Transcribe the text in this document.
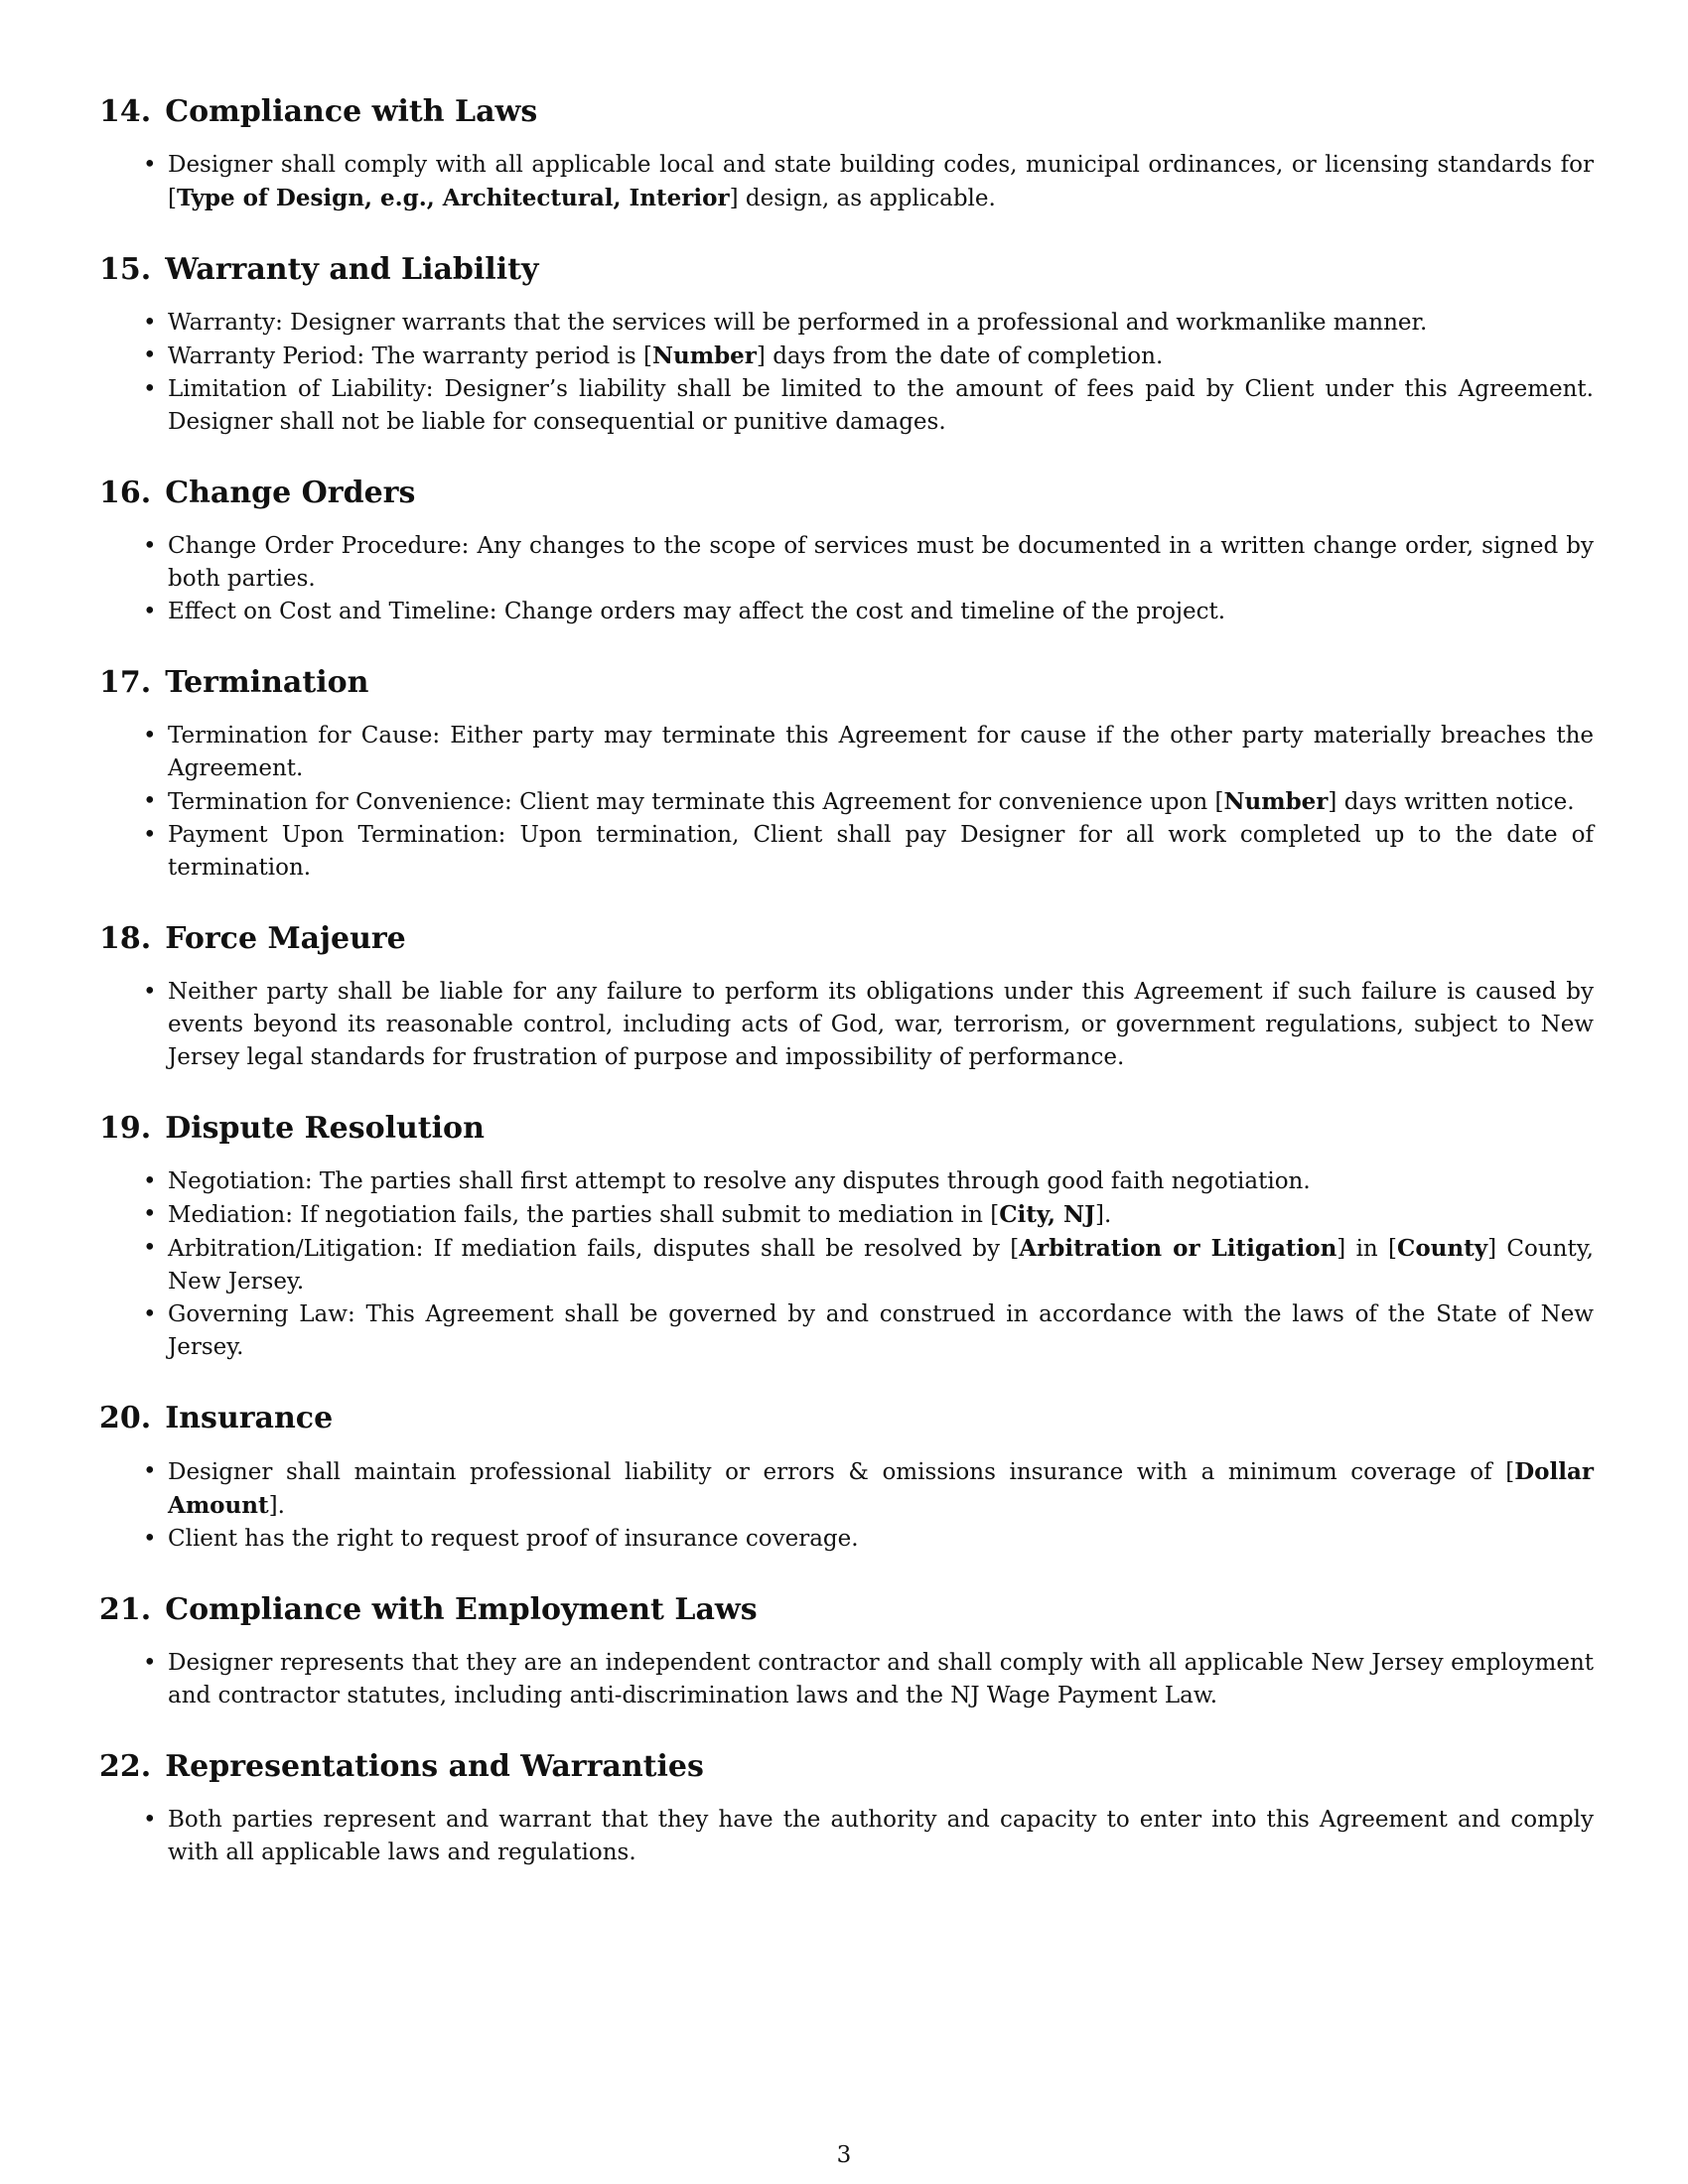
14. Compliance with Laws
• Designer shall comply with all applicable local and state building codes, municipal ordinances, or licensing standards for [Type of Design, e.g., Architectural, Interior] design, as applicable.
15. Warranty and Liability
• Warranty: Designer warrants that the services will be performed in a professional and workmanlike manner.
• Warranty Period: The warranty period is [Number] days from the date of completion.
• Limitation of Liability: Designer’s liability shall be limited to the amount of fees paid by Client under this Agreement. Designer shall not be liable for consequential or punitive damages.
16. Change Orders
• Change Order Procedure: Any changes to the scope of services must be documented in a written change order, signed by both parties.
• Effect on Cost and Timeline: Change orders may affect the cost and timeline of the project.
17. Termination
• Termination for Cause: Either party may terminate this Agreement for cause if the other party materially breaches the Agreement.
• Termination for Convenience: Client may terminate this Agreement for convenience upon [Number] days written notice.
• Payment Upon Termination: Upon termination, Client shall pay Designer for all work completed up to the date of termination.
18. Force Majeure
• Neither party shall be liable for any failure to perform its obligations under this Agreement if such failure is caused by events beyond its reasonable control, including acts of God, war, terrorism, or government regulations, subject to New Jersey legal standards for frustration of purpose and impossibility of performance.
19. Dispute Resolution
• Negotiation: The parties shall first attempt to resolve any disputes through good faith negotiation.
• Mediation: If negotiation fails, the parties shall submit to mediation in [City, NJ].
• Arbitration/Litigation: If mediation fails, disputes shall be resolved by [Arbitration or Litigation] in [County] County, New Jersey.
• Governing Law: This Agreement shall be governed by and construed in accordance with the laws of the State of New Jersey.
20. Insurance
• Designer shall maintain professional liability or errors & omissions insurance with a minimum coverage of [Dollar Amount].
• Client has the right to request proof of insurance coverage.
21. Compliance with Employment Laws
• Designer represents that they are an independent contractor and shall comply with all applicable New Jersey employment and contractor statutes, including anti-discrimination laws and the NJ Wage Payment Law.
22. Representations and Warranties
• Both parties represent and warrant that they have the authority and capacity to enter into this Agreement and comply with all applicable laws and regulations.
3
